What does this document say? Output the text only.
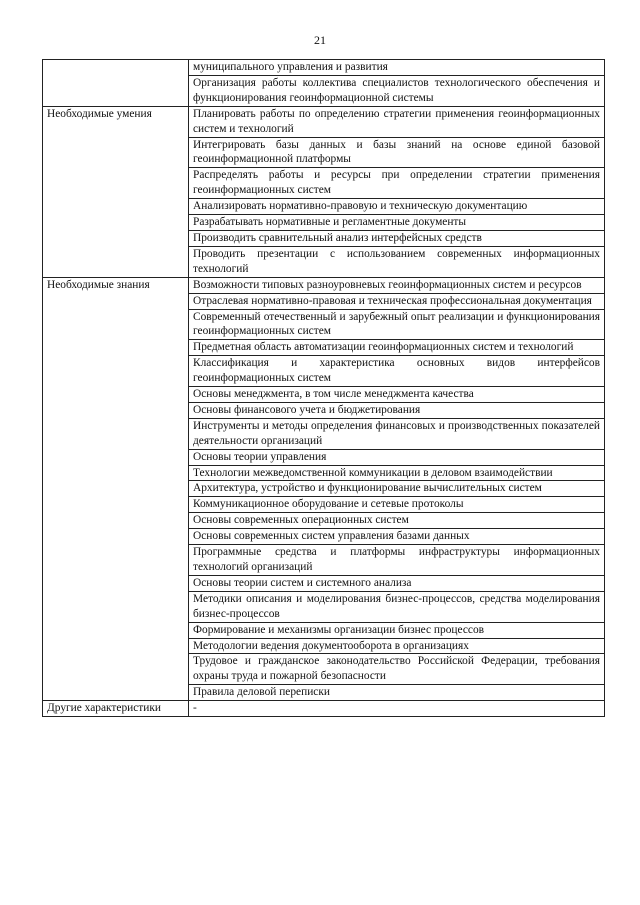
21
	муниципального управления и развития
	Организация работы коллектива специалистов технологического обеспечения и функционирования геоинформационной системы
Необходимые умения	Планировать работы по определению стратегии применения геоинформационных систем и технологий
	Интегрировать базы данных и базы знаний на основе единой базовой геоинформационной платформы
	Распределять работы и ресурсы при определении стратегии применения геоинформационных систем
	Анализировать нормативно-правовую и техническую документацию
	Разрабатывать нормативные и регламентные документы
	Производить сравнительный анализ интерфейсных средств
	Проводить презентации с использованием современных информационных технологий
Необходимые знания	Возможности типовых разноуровневых геоинформационных систем и ресурсов
	Отраслевая нормативно-правовая и техническая профессиональная документация
	Современный отечественный и зарубежный опыт реализации и функционирования геоинформационных систем
	Предметная область автоматизации геоинформационных систем и технологий
	Классификация и характеристика основных видов интерфейсов геоинформационных систем
	Основы менеджмента, в том числе менеджмента качества
	Основы финансового учета и бюджетирования
	Инструменты и методы определения финансовых и производственных показателей деятельности организаций
	Основы теории управления
	Технологии межведомственной коммуникации в деловом взаимодействии
	Архитектура, устройство и функционирование вычислительных систем
	Коммуникационное оборудование и сетевые протоколы
	Основы современных операционных систем
	Основы современных систем управления базами данных
	Программные средства и платформы инфраструктуры информационных технологий организаций
	Основы теории систем и системного анализа
	Методики описания и моделирования бизнес-процессов, средства моделирования бизнес-процессов
	Формирование и механизмы организации бизнес процессов
	Методологии ведения документооборота в организациях
	Трудовое и гражданское законодательство Российской Федерации, требования охраны труда и пожарной безопасности
	Правила деловой переписки
Другие характеристики	-
